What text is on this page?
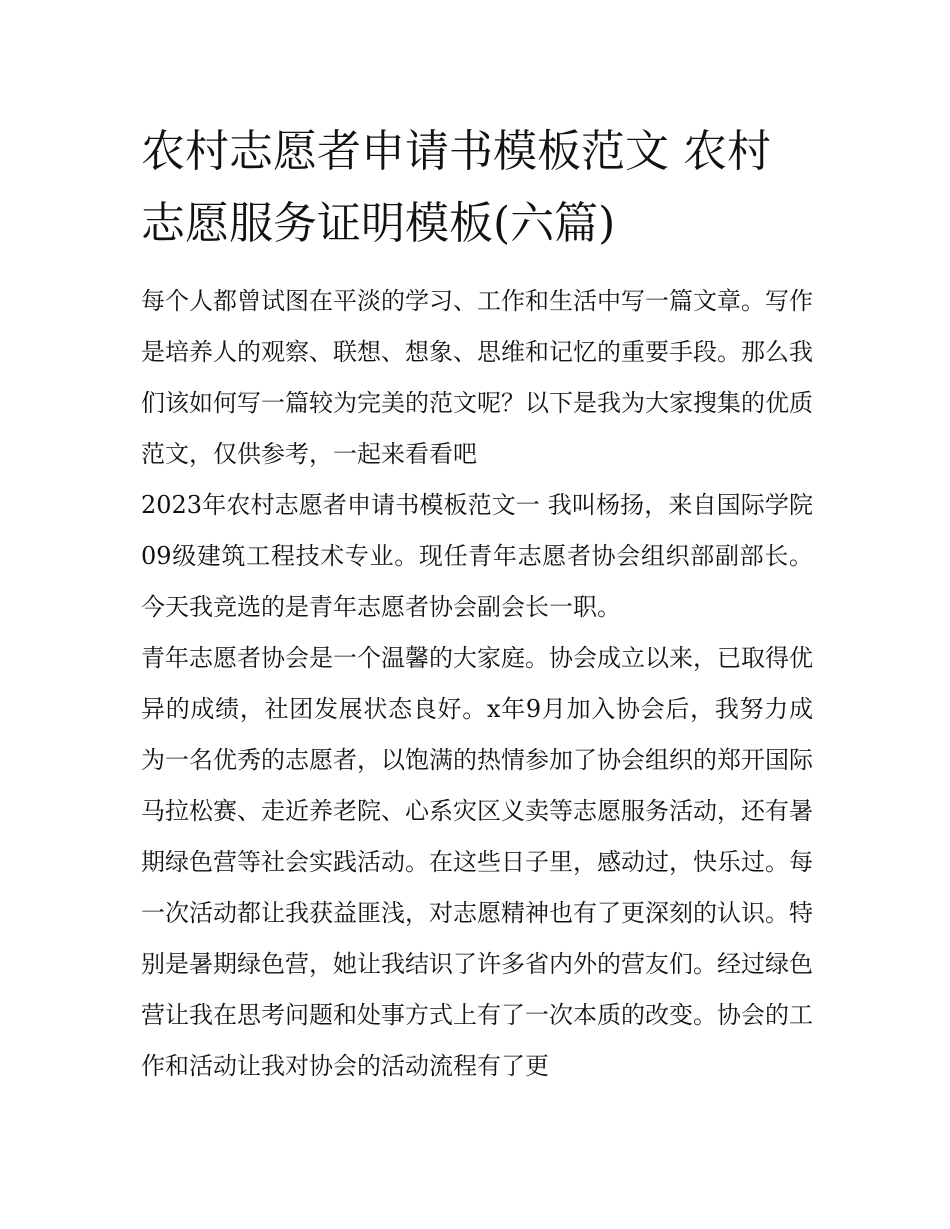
农村志愿者申请书模板范文 农村志愿服务证明模板(六篇)

每个人都曾试图在平淡的学习、工作和生活中写一篇文章。写作是培养人的观察、联想、想象、思维和记忆的重要手段。那么我们该如何写一篇较为完美的范文呢？以下是我为大家搜集的优质范文，仅供参考，一起来看看吧

2023年农村志愿者申请书模板范文一 我叫杨扬，来自国际学院09级建筑工程技术专业。现任青年志愿者协会组织部副部长。今天我竞选的是青年志愿者协会副会长一职。

青年志愿者协会是一个温馨的大家庭。协会成立以来，已取得优异的成绩，社团发展状态良好。x年9月加入协会后，我努力成为一名优秀的志愿者，以饱满的热情参加了协会组织的郑开国际马拉松赛、走近养老院、心系灾区义卖等志愿服务活动，还有暑期绿色营等社会实践活动。在这些日子里，感动过，快乐过。每一次活动都让我获益匪浅，对志愿精神也有了更深刻的认识。特别是暑期绿色营，她让我结识了许多省内外的营友们。经过绿色营让我在思考问题和处事方式上有了一次本质的改变。协会的工作和活动让我对协会的活动流程有了更
